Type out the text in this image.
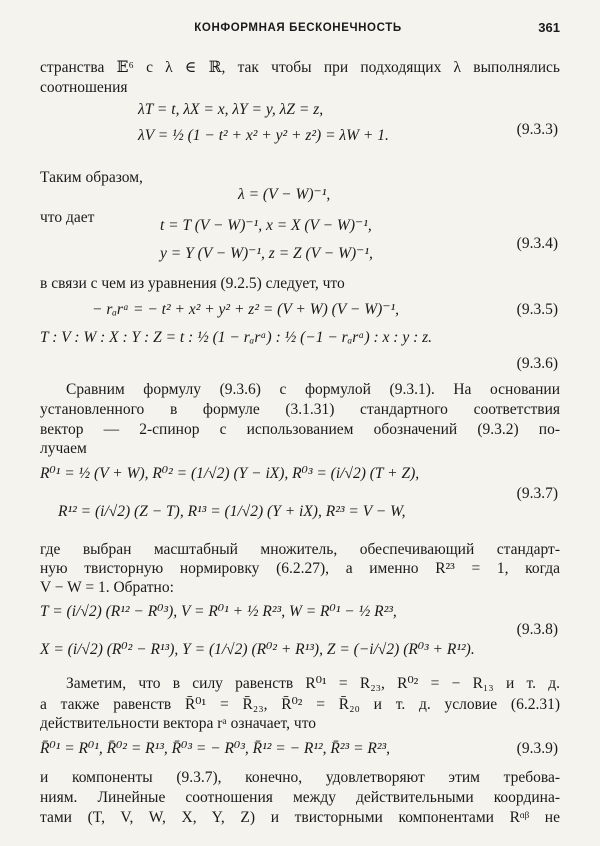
КОНФОРМНАЯ БЕСКОНЕЧНОСТЬ	361
странства 𝔼⁶ с λ ∈ ℝ, так чтобы при подходящих λ выполнялись
соотношения
λT = t, λX = x, λY = y, λZ = z,
λV = ½ (1 − t² + x² + y² + z²) = λW + 1.	(9.3.3)
Таким образом,
λ = (V − W)⁻¹,
что дает	t = T (V − W)⁻¹, x = X (V − W)⁻¹,
y = Y (V − W)⁻¹, z = Z (V − W)⁻¹,
(9.3.4)
в связи с чем из уравнения (9.2.5) следует, что
− rₐrᵃ = − t² + x² + y² + z² = (V + W) (V − W)⁻¹,	(9.3.5)
T : V : W : X : Y : Z = t : ½ (1 − rₐrᵃ) : ½ (−1 − rₐrᵃ) : x : y : z.
(9.3.6)
Сравним формулу (9.3.6) с формулой (9.3.1). На основании
установленного в формуле (3.1.31) стандартного соответствия
вектор — 2-спинор с использованием обозначений (9.3.2) по-
лучаем
R⁰¹ = ½ (V + W), R⁰² = (1/√2) (Y − iX), R⁰³ = (i/√2) (T + Z),
R¹² = (i/√2) (Z − T), R¹³ = (1/√2) (Y + iX), R²³ = V − W,
(9.3.7)
где выбран масштабный множитель, обеспечивающий стандарт-
ную твисторную нормировку (6.2.27), а именно R²³ = 1, когда
V − W = 1. Обратно:
T = (i/√2) (R¹² − R⁰³), V = R⁰¹ + ½ R²³, W = R⁰¹ − ½ R²³,
X = (i/√2) (R⁰² − R¹³), Y = (1/√2) (R⁰² + R¹³), Z = (−i/√2) (R⁰³ + R¹²).
(9.3.8)
Заметим, что в силу равенств R⁰¹ = R₂₃, R⁰² = − R₁₃ и т. д.
а также равенств R̄⁰¹ = R̄₂₃, R̄⁰² = R̄₂₀ и т. д. условие (6.2.31)
действительности вектора rᵃ означает, что
R̄⁰¹ = R⁰¹, R̄⁰² = R¹³, R̄⁰³ = − R⁰³, R̄¹² = − R¹², R̄²³ = R²³,	(9.3.9)
и компоненты (9.3.7), конечно, удовлетворяют этим требова-
ниям. Линейные соотношения между действительными координа-
тами (T, V, W, X, Y, Z) и твисторными компонентами Rᵅᵝ не
